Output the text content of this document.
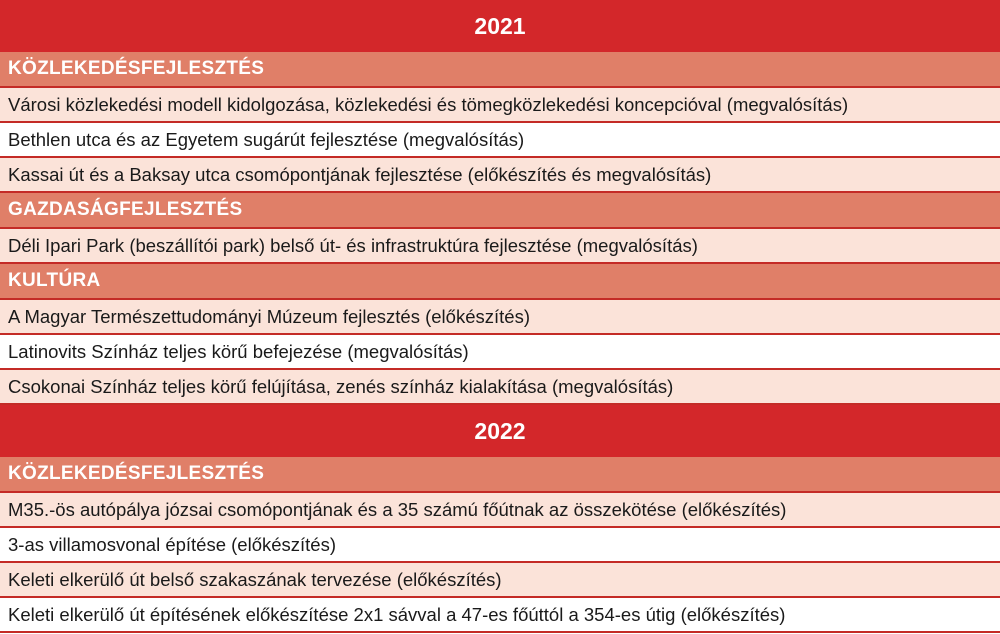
2021
KÖZLEKEDÉSFEJLESZTÉS
Városi közlekedési modell kidolgozása, közlekedési és tömegközlekedési koncepcióval (megvalósítás)
Bethlen utca és az Egyetem sugárút fejlesztése (megvalósítás)
Kassai út és a Baksay utca csomópontjának fejlesztése (előkészítés és megvalósítás)
GAZDASÁGFEJLESZTÉS
Déli Ipari Park (beszállítói park) belső út- és infrastruktúra fejlesztése (megvalósítás)
KULTÚRA
A Magyar Természettudományi Múzeum fejlesztés (előkészítés)
Latinovits Színház teljes körű befejezése (megvalósítás)
Csokonai Színház teljes körű felújítása, zenés színház kialakítása (megvalósítás)
2022
KÖZLEKEDÉSFEJLESZTÉS
M35.-ös autópálya józsai csomópontjának és a 35 számú főútnak az összekötése (előkészítés)
3-as villamosvonal építése (előkészítés)
Keleti elkerülő út belső szakaszának tervezése (előkészítés)
Keleti elkerülő út építésének előkészítése 2x1 sávval a 47-es főúttól a 354-es útig (előkészítés)
